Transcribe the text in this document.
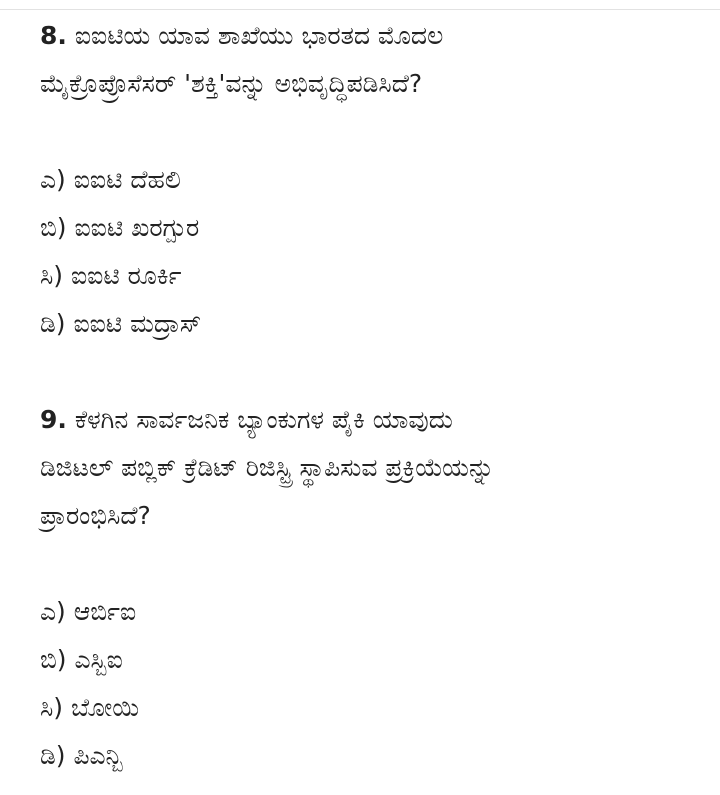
8. ಐಐಟಿಯ ಯಾವ ಶಾಖೆಯು ಭಾರತದ ಮೊದಲ

ಮೈಕ್ರೊಪ್ರೊಸೆಸರ್ 'ಶಕ್ತಿ'ವನ್ನು ಅಭಿವೃದ್ಧಿಪಡಿಸಿದೆ?

ಎ) ಐಐಟಿ ದೆಹಲಿ
ಬಿ) ಐಐಟಿ ಖರಗ್ಪುರ
ಸಿ) ಐಐಟಿ ರೂರ್ಕಿ
ಡಿ) ಐಐಟಿ ಮದ್ರಾಸ್

9. ಕೆಳಗಿನ ಸಾರ್ವಜನಿಕ ಬ್ಯಾಂಕುಗಳ ಪೈಕಿ ಯಾವುದು

ಡಿಜಿಟಲ್ ಪಬ್ಲಿಕ್ ಕ್ರೆಡಿಟ್ ರಿಜಿಸ್ಟ್ರಿ ಸ್ಥಾಪಿಸುವ ಪ್ರಕ್ರಿಯೆಯನ್ನು

ಪ್ರಾರಂಭಿಸಿದೆ?

ಎ) ಆರ್ಬಿಐ
ಬಿ) ಎಸ್ಬಿಐ
ಸಿ) ಬೋಯಿ
ಡಿ) ಪಿಎನ್ಬಿ
